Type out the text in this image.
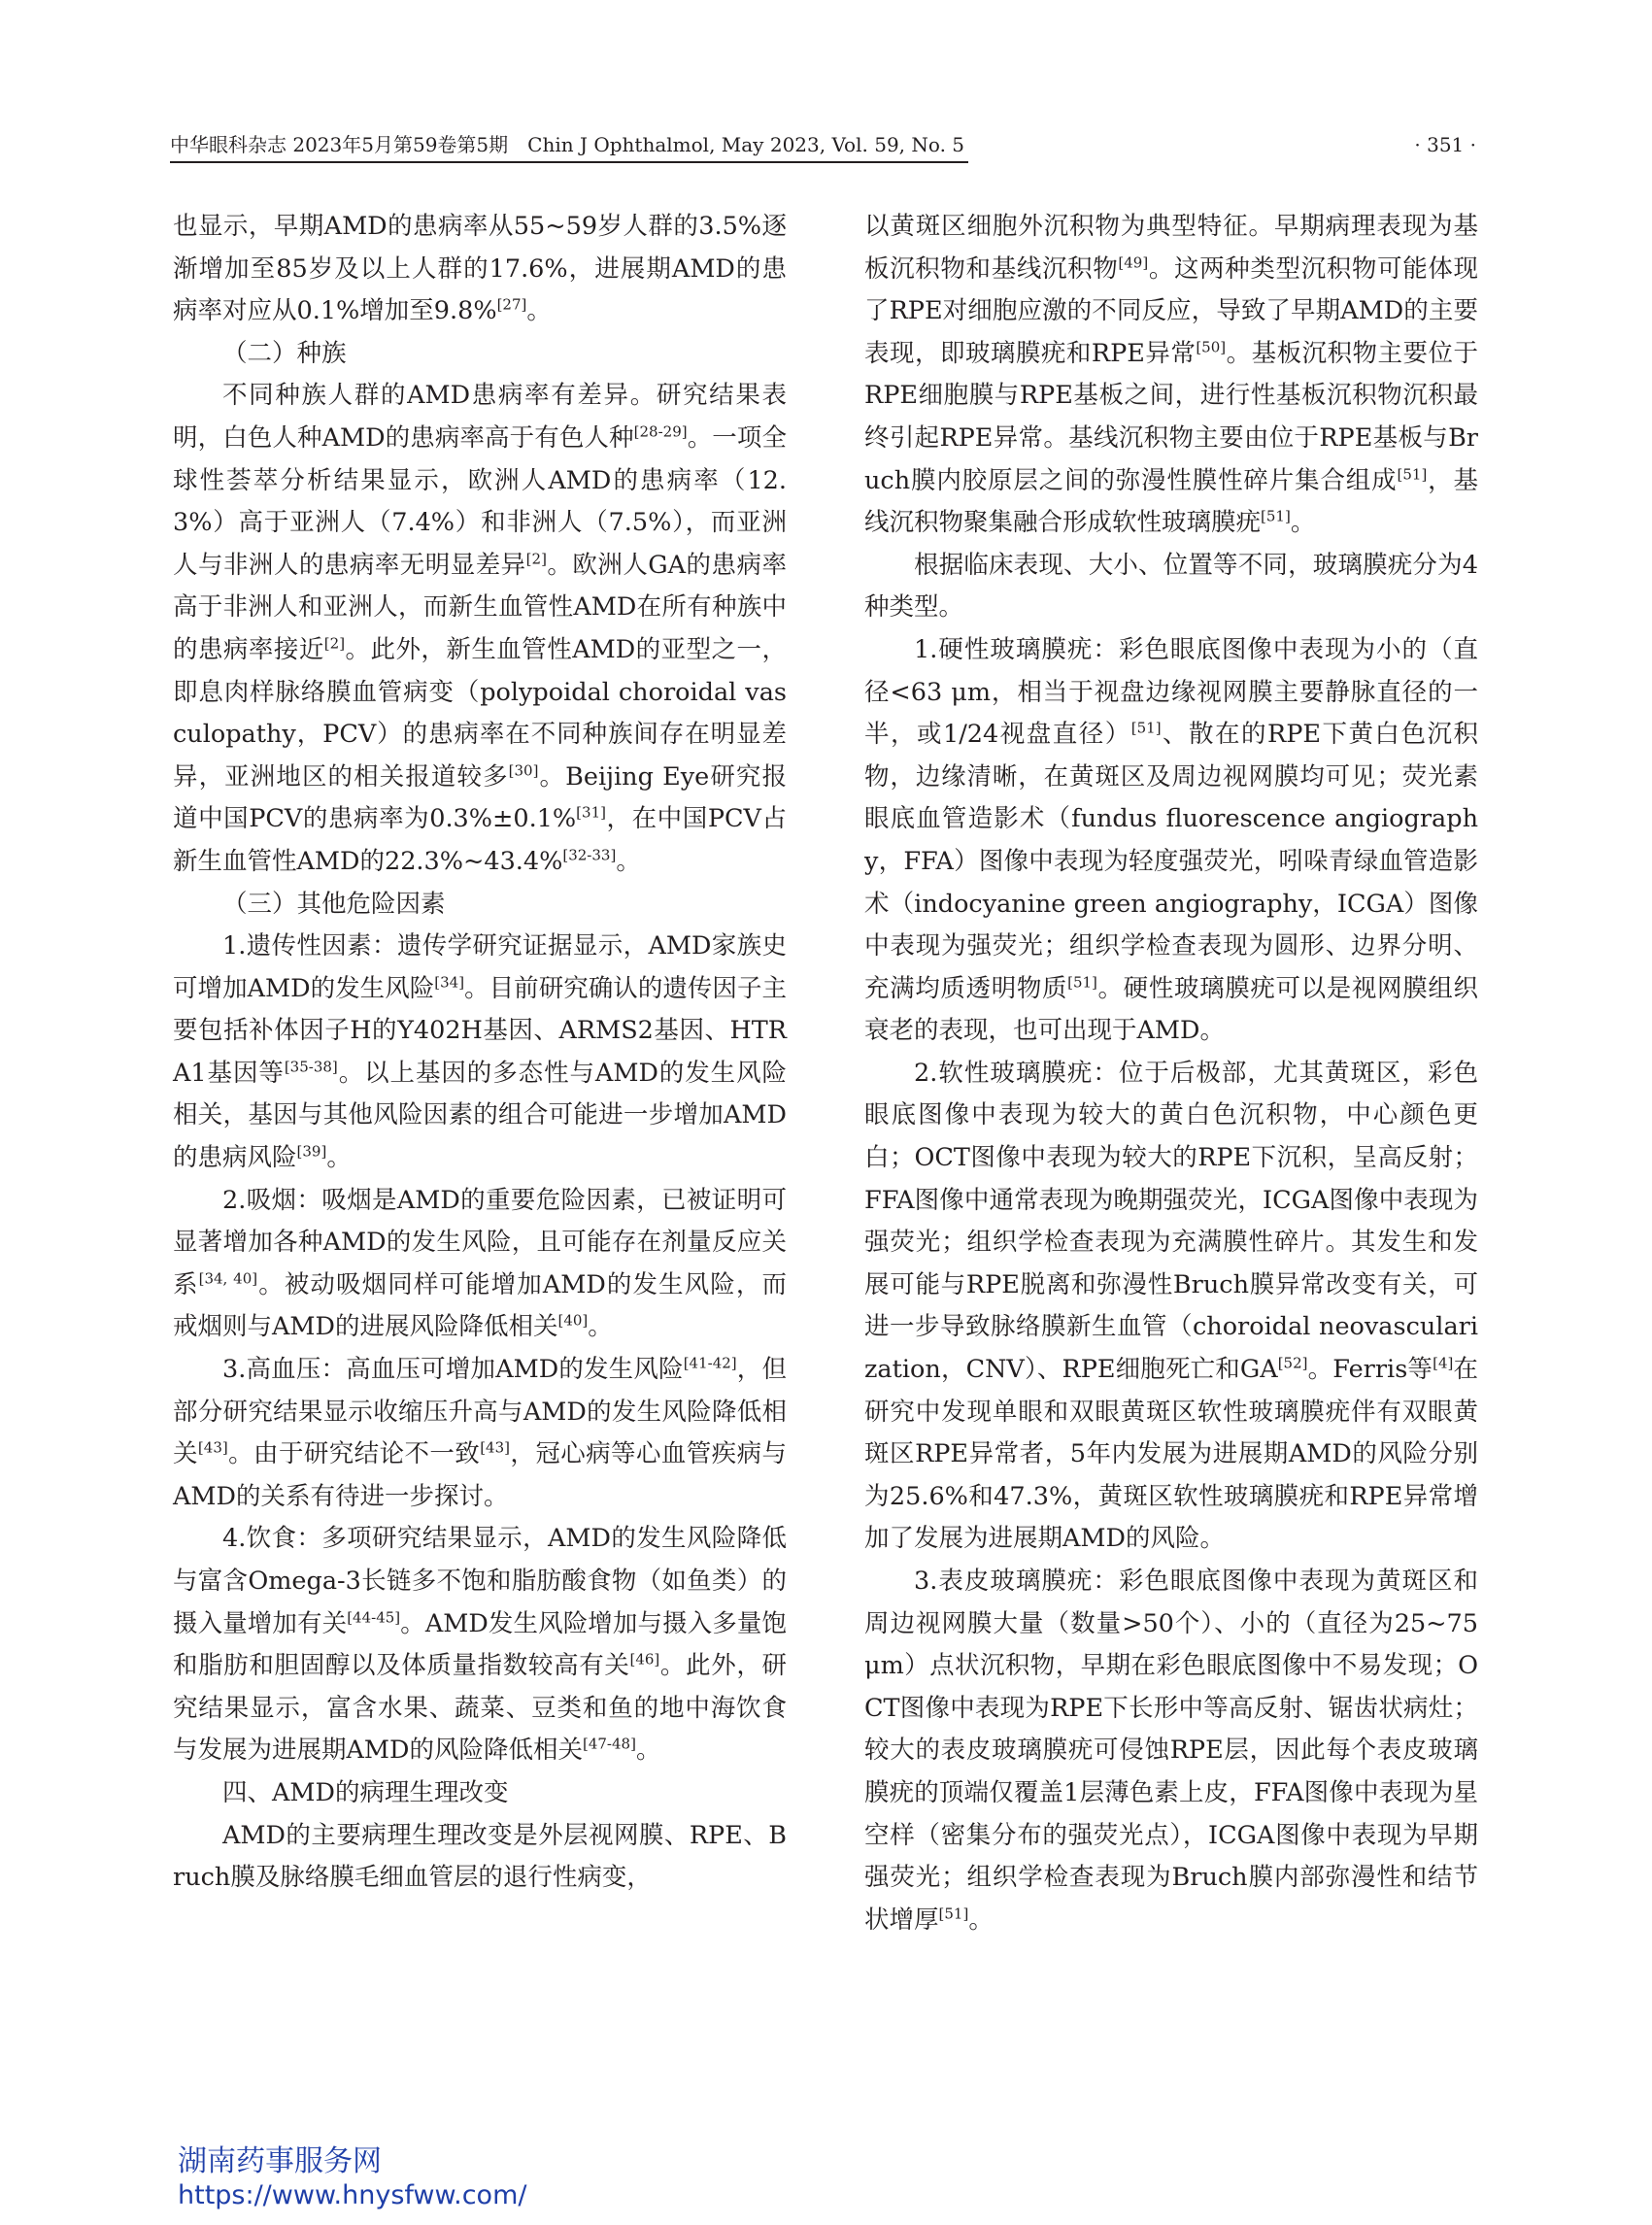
中华眼科杂志 2023年5月第59卷第5期　Chin J Ophthalmol, May 2023, Vol. 59, No. 5	· 351 ·

也显示，早期AMD的患病率从55~59岁人群的3.5%逐渐增加至85岁及以上人群的17.6%，进展期AMD的患病率对应从0.1%增加至9.8%[27]。

（二）种族

不同种族人群的AMD患病率有差异。研究结果表明，白色人种AMD的患病率高于有色人种[28-29]。一项全球性荟萃分析结果显示，欧洲人AMD的患病率（12.3%）高于亚洲人（7.4%）和非洲人（7.5%），而亚洲人与非洲人的患病率无明显差异[2]。欧洲人GA的患病率高于非洲人和亚洲人，而新生血管性AMD在所有种族中的患病率接近[2]。此外，新生血管性AMD的亚型之一，即息肉样脉络膜血管病变（polypoidal choroidal vasculopathy，PCV）的患病率在不同种族间存在明显差异，亚洲地区的相关报道较多[30]。Beijing Eye研究报道中国PCV的患病率为0.3%±0.1%[31]，在中国PCV占新生血管性AMD的22.3%~43.4%[32-33]。

（三）其他危险因素

1.遗传性因素：遗传学研究证据显示，AMD家族史可增加AMD的发生风险[34]。目前研究确认的遗传因子主要包括补体因子H的Y402H基因、ARMS2基因、HTRA1基因等[35-38]。以上基因的多态性与AMD的发生风险相关，基因与其他风险因素的组合可能进一步增加AMD的患病风险[39]。

2.吸烟：吸烟是AMD的重要危险因素，已被证明可显著增加各种AMD的发生风险，且可能存在剂量反应关系[34, 40]。被动吸烟同样可能增加AMD的发生风险，而戒烟则与AMD的进展风险降低相关[40]。

3.高血压：高血压可增加AMD的发生风险[41-42]，但部分研究结果显示收缩压升高与AMD的发生风险降低相关[43]。由于研究结论不一致[43]，冠心病等心血管疾病与AMD的关系有待进一步探讨。

4.饮食：多项研究结果显示，AMD的发生风险降低与富含Omega-3长链多不饱和脂肪酸食物（如鱼类）的摄入量增加有关[44-45]。AMD发生风险增加与摄入多量饱和脂肪和胆固醇以及体质量指数较高有关[46]。此外，研究结果显示，富含水果、蔬菜、豆类和鱼的地中海饮食与发展为进展期AMD的风险降低相关[47-48]。

四、AMD的病理生理改变

AMD的主要病理生理改变是外层视网膜、RPE、Bruch膜及脉络膜毛细血管层的退行性病变，

以黄斑区细胞外沉积物为典型特征。早期病理表现为基板沉积物和基线沉积物[49]。这两种类型沉积物可能体现了RPE对细胞应激的不同反应，导致了早期AMD的主要表现，即玻璃膜疣和RPE异常[50]。基板沉积物主要位于RPE细胞膜与RPE基板之间，进行性基板沉积物沉积最终引起RPE异常。基线沉积物主要由位于RPE基板与Bruch膜内胶原层之间的弥漫性膜性碎片集合组成[51]，基线沉积物聚集融合形成软性玻璃膜疣[51]。

根据临床表现、大小、位置等不同，玻璃膜疣分为4种类型。

1.硬性玻璃膜疣：彩色眼底图像中表现为小的（直径<63 μm，相当于视盘边缘视网膜主要静脉直径的一半，或1/24视盘直径）[51]、散在的RPE下黄白色沉积物，边缘清晰，在黄斑区及周边视网膜均可见；荧光素眼底血管造影术（fundus fluorescence angiography，FFA）图像中表现为轻度强荧光，吲哚青绿血管造影术（indocyanine green angiography，ICGA）图像中表现为强荧光；组织学检查表现为圆形、边界分明、充满均质透明物质[51]。硬性玻璃膜疣可以是视网膜组织衰老的表现，也可出现于AMD。

2.软性玻璃膜疣：位于后极部，尤其黄斑区，彩色眼底图像中表现为较大的黄白色沉积物，中心颜色更白；OCT图像中表现为较大的RPE下沉积，呈高反射；FFA图像中通常表现为晚期强荧光，ICGA图像中表现为强荧光；组织学检查表现为充满膜性碎片。其发生和发展可能与RPE脱离和弥漫性Bruch膜异常改变有关，可进一步导致脉络膜新生血管（choroidal neovascularization，CNV）、RPE细胞死亡和GA[52]。Ferris等[4]在研究中发现单眼和双眼黄斑区软性玻璃膜疣伴有双眼黄斑区RPE异常者，5年内发展为进展期AMD的风险分别为25.6%和47.3%，黄斑区软性玻璃膜疣和RPE异常增加了发展为进展期AMD的风险。

3.表皮玻璃膜疣：彩色眼底图像中表现为黄斑区和周边视网膜大量（数量>50个）、小的（直径为25~75 μm）点状沉积物，早期在彩色眼底图像中不易发现；OCT图像中表现为RPE下长形中等高反射、锯齿状病灶；较大的表皮玻璃膜疣可侵蚀RPE层，因此每个表皮玻璃膜疣的顶端仅覆盖1层薄色素上皮，FFA图像中表现为星空样（密集分布的强荧光点），ICGA图像中表现为早期强荧光；组织学检查表现为Bruch膜内部弥漫性和结节状增厚[51]。

湖南药事服务网
https://www.hnysfww.com/
